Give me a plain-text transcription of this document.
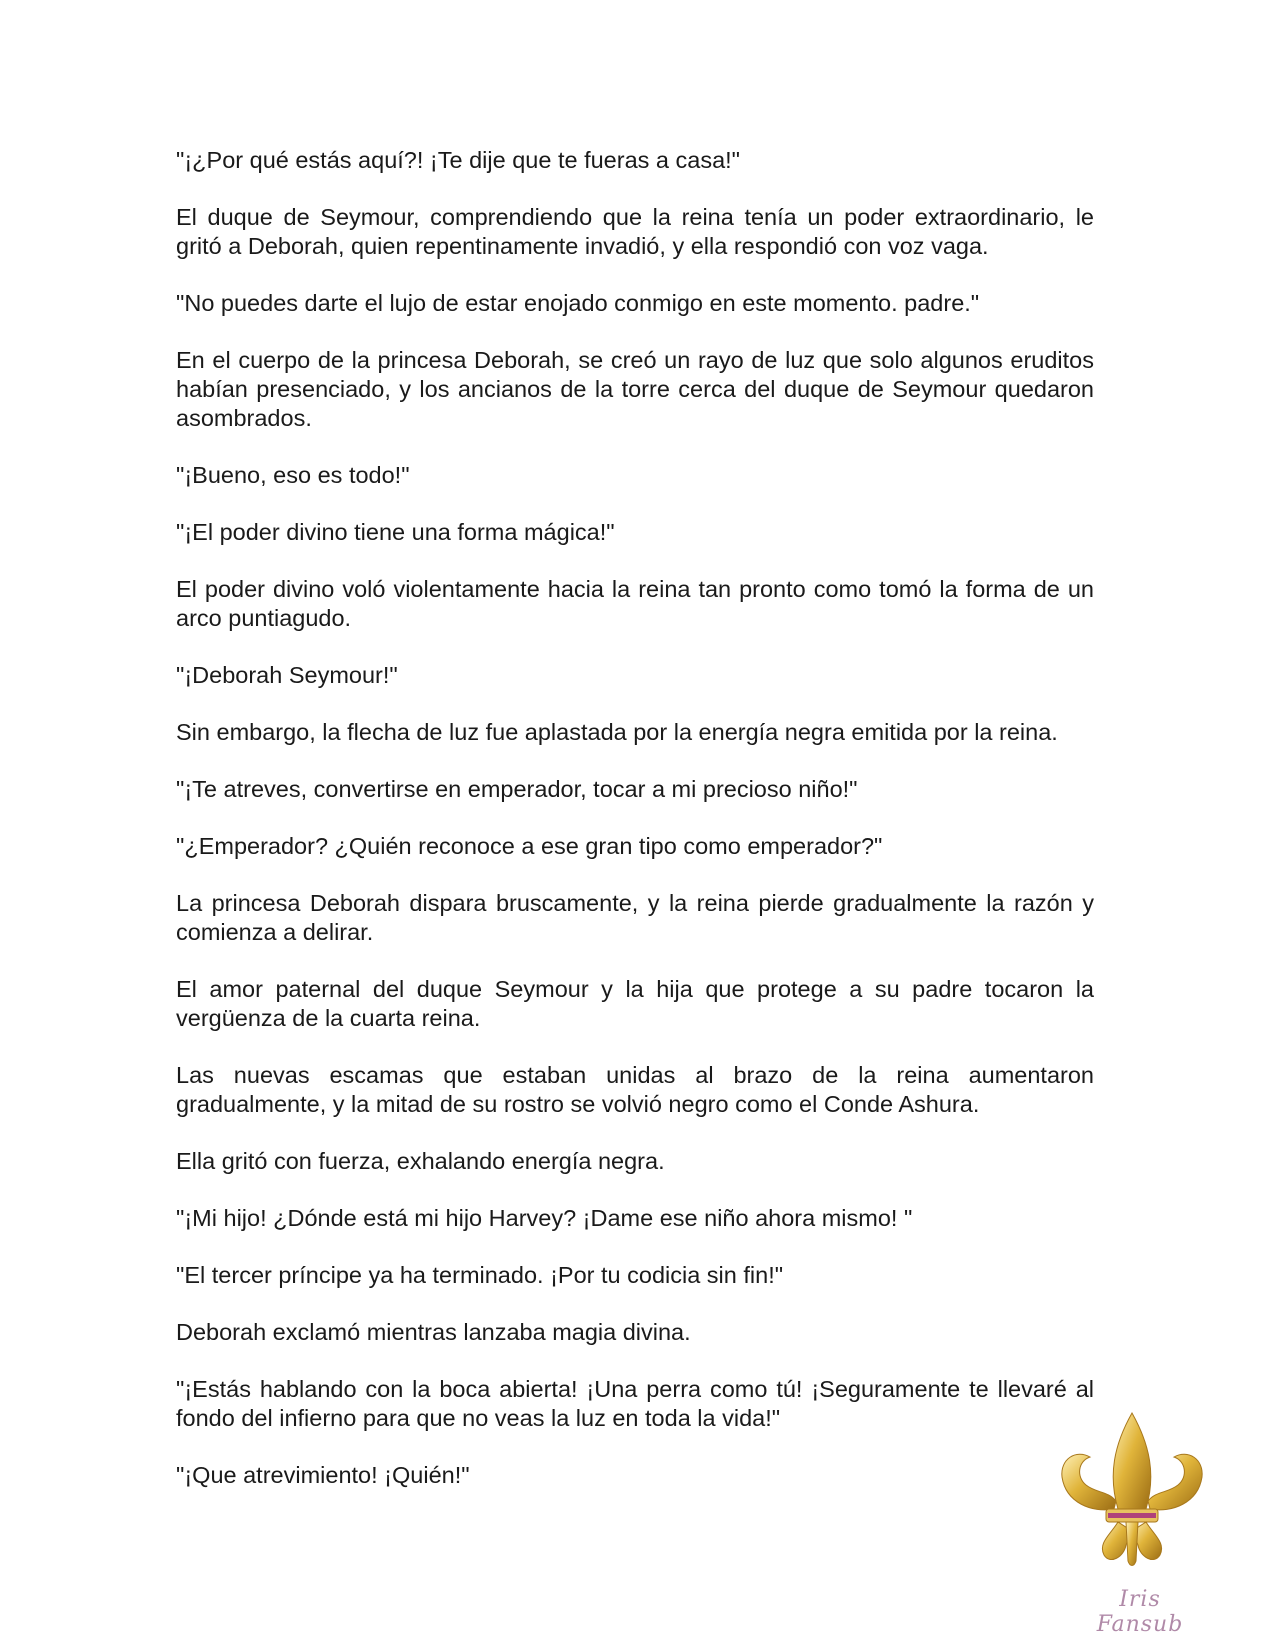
"¡¿Por qué estás aquí?! ¡Te dije que te fueras a casa!"

El duque de Seymour, comprendiendo que la reina tenía un poder extraordinario, le gritó a Deborah, quien repentinamente invadió, y ella respondió con voz vaga.

"No puedes darte el lujo de estar enojado conmigo en este momento. padre."

En el cuerpo de la princesa Deborah, se creó un rayo de luz que solo algunos eruditos habían presenciado, y los ancianos de la torre cerca del duque de Seymour quedaron asombrados.

"¡Bueno, eso es todo!"

"¡El poder divino tiene una forma mágica!"

El poder divino voló violentamente hacia la reina tan pronto como tomó la forma de un arco puntiagudo.

"¡Deborah Seymour!"

Sin embargo, la flecha de luz fue aplastada por la energía negra emitida por la reina.

"¡Te atreves, convertirse en emperador, tocar a mi precioso niño!"

"¿Emperador? ¿Quién reconoce a ese gran tipo como emperador?"

La princesa Deborah dispara bruscamente, y la reina pierde gradualmente la razón y comienza a delirar.

El amor paternal del duque Seymour y la hija que protege a su padre tocaron la vergüenza de la cuarta reina.

Las nuevas escamas que estaban unidas al brazo de la reina aumentaron gradualmente, y la mitad de su rostro se volvió negro como el Conde Ashura.

Ella gritó con fuerza, exhalando energía negra.

"¡Mi hijo! ¿Dónde está mi hijo Harvey? ¡Dame ese niño ahora mismo! "

"El tercer príncipe ya ha terminado. ¡Por tu codicia sin fin!"

Deborah exclamó mientras lanzaba magia divina.

"¡Estás hablando con la boca abierta! ¡Una perra como tú! ¡Seguramente te llevaré al fondo del infierno para que no veas la luz en toda la vida!"

"¡Que atrevimiento! ¡Quién!"

Iris Fansub
